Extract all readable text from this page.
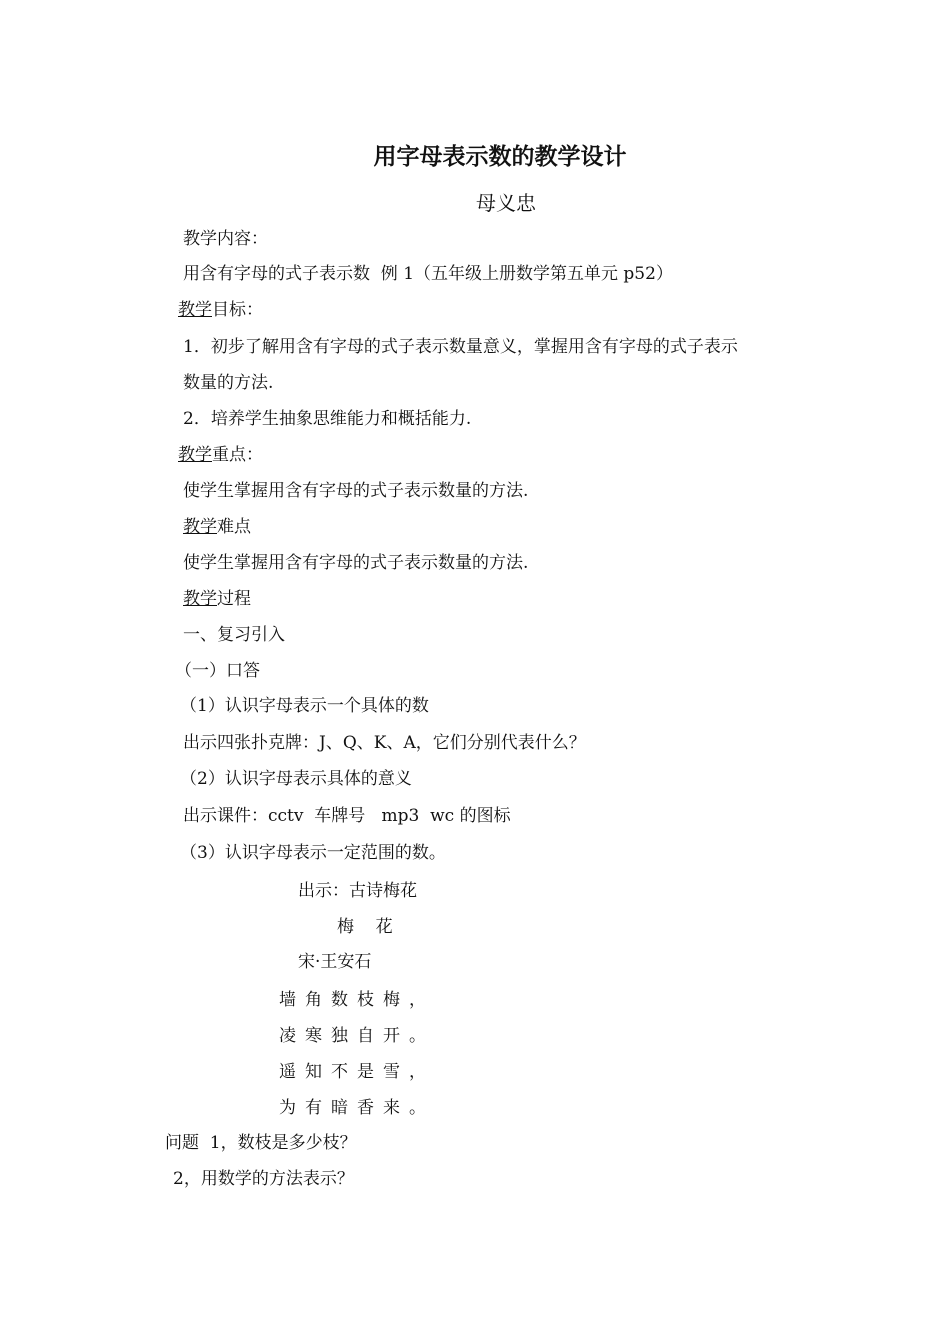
用字母表示数的教学设计
母义忠
教学内容：
用含有字母的式子表示数  例 1（五年级上册数学第五单元 p52）
教学目标：
1．初步了解用含有字母的式子表示数量意义，掌握用含有字母的式子表示
数量的方法.
2．培养学生抽象思维能力和概括能力.
教学重点：
使学生掌握用含有字母的式子表示数量的方法.
教学难点
使学生掌握用含有字母的式子表示数量的方法.
教学过程
一、复习引入
（一）口答
（1）认识字母表示一个具体的数
出示四张扑克牌：J、Q、K、A，它们分别代表什么？
（2）认识字母表示具体的意义
出示课件：cctv  车牌号   mp3  wc 的图标
（3）认识字母表示一定范围的数。
出示：古诗梅花
梅    花
宋·王安石
墙角数枝梅，
凌寒独自开。
遥知不是雪，
为有暗香来。
问题  1，数枝是多少枝？
2，用数学的方法表示？
